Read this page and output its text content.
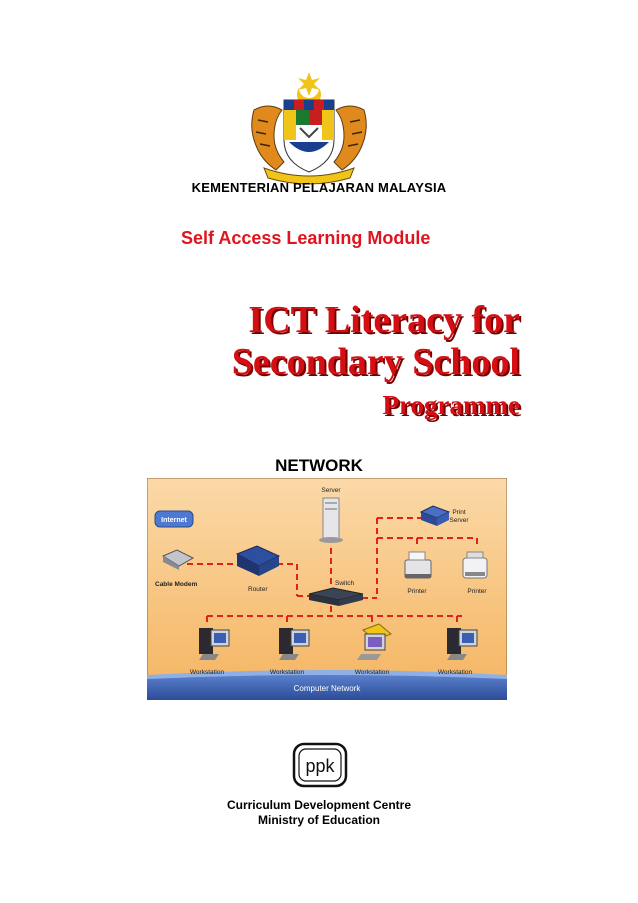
KEMENTERIAN PELAJARAN MALAYSIA
Self Access Learning Module
ICT Literacy for
Secondary School
Programme
NETWORK
Internet
Server
Cable Modem
Router
Switch
Print
Server
Printer	Printer
Workstation	Workstation	Workstation	Workstation
Computer Network
ppk
Curriculum Development Centre
Ministry of Education
